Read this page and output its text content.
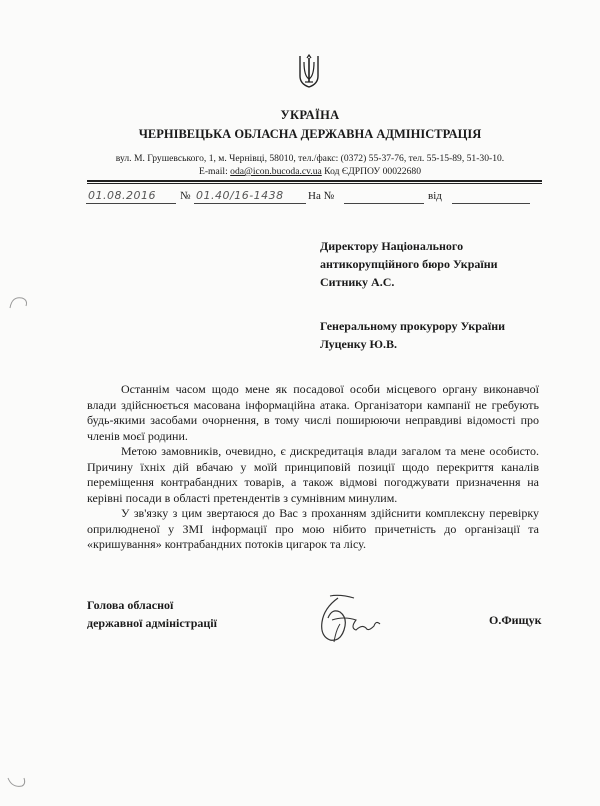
УКРАЇНА
ЧЕРНІВЕЦЬКА ОБЛАСНА ДЕРЖАВНА АДМІНІСТРАЦІЯ
вул. М. Грушевського, 1, м. Чернівці, 58010, тел./факс: (0372) 55-37-76, тел. 55-15-89, 51-30-10.
E-mail: oda@icon.bucoda.cv.ua Код ЄДРПОУ 00022680
01.08.2016 № 01.40/16-1438 На №	від
Директору Національного
антикорупційного бюро України
Ситнику А.С.
Генеральному прокурору України
Луценку Ю.В.

Останнім часом щодо мене як посадової особи місцевого органу виконавчої влади здійснюється масована інформаційна атака. Організатори кампанії не гребують будь-якими засобами очорнення, в тому числі поширюючи неправдиві відомості про членів моєї родини.

Метою замовників, очевидно, є дискредитація влади загалом та мене особисто. Причину їхніх дій вбачаю у моїй принциповій позиції щодо перекриття каналів переміщення контрабандних товарів, а також відмові погоджувати призначення на керівні посади в області претендентів з сумнівним минулим.

У зв'язку з цим звертаюся до Вас з проханням здійснити комплексну перевірку оприлюдненої у ЗМІ інформації про мою нібито причетність до організації та «кришування» контрабандних потоків цигарок та лісу.

Голова обласної
державної адміністрації	О.Фищук
